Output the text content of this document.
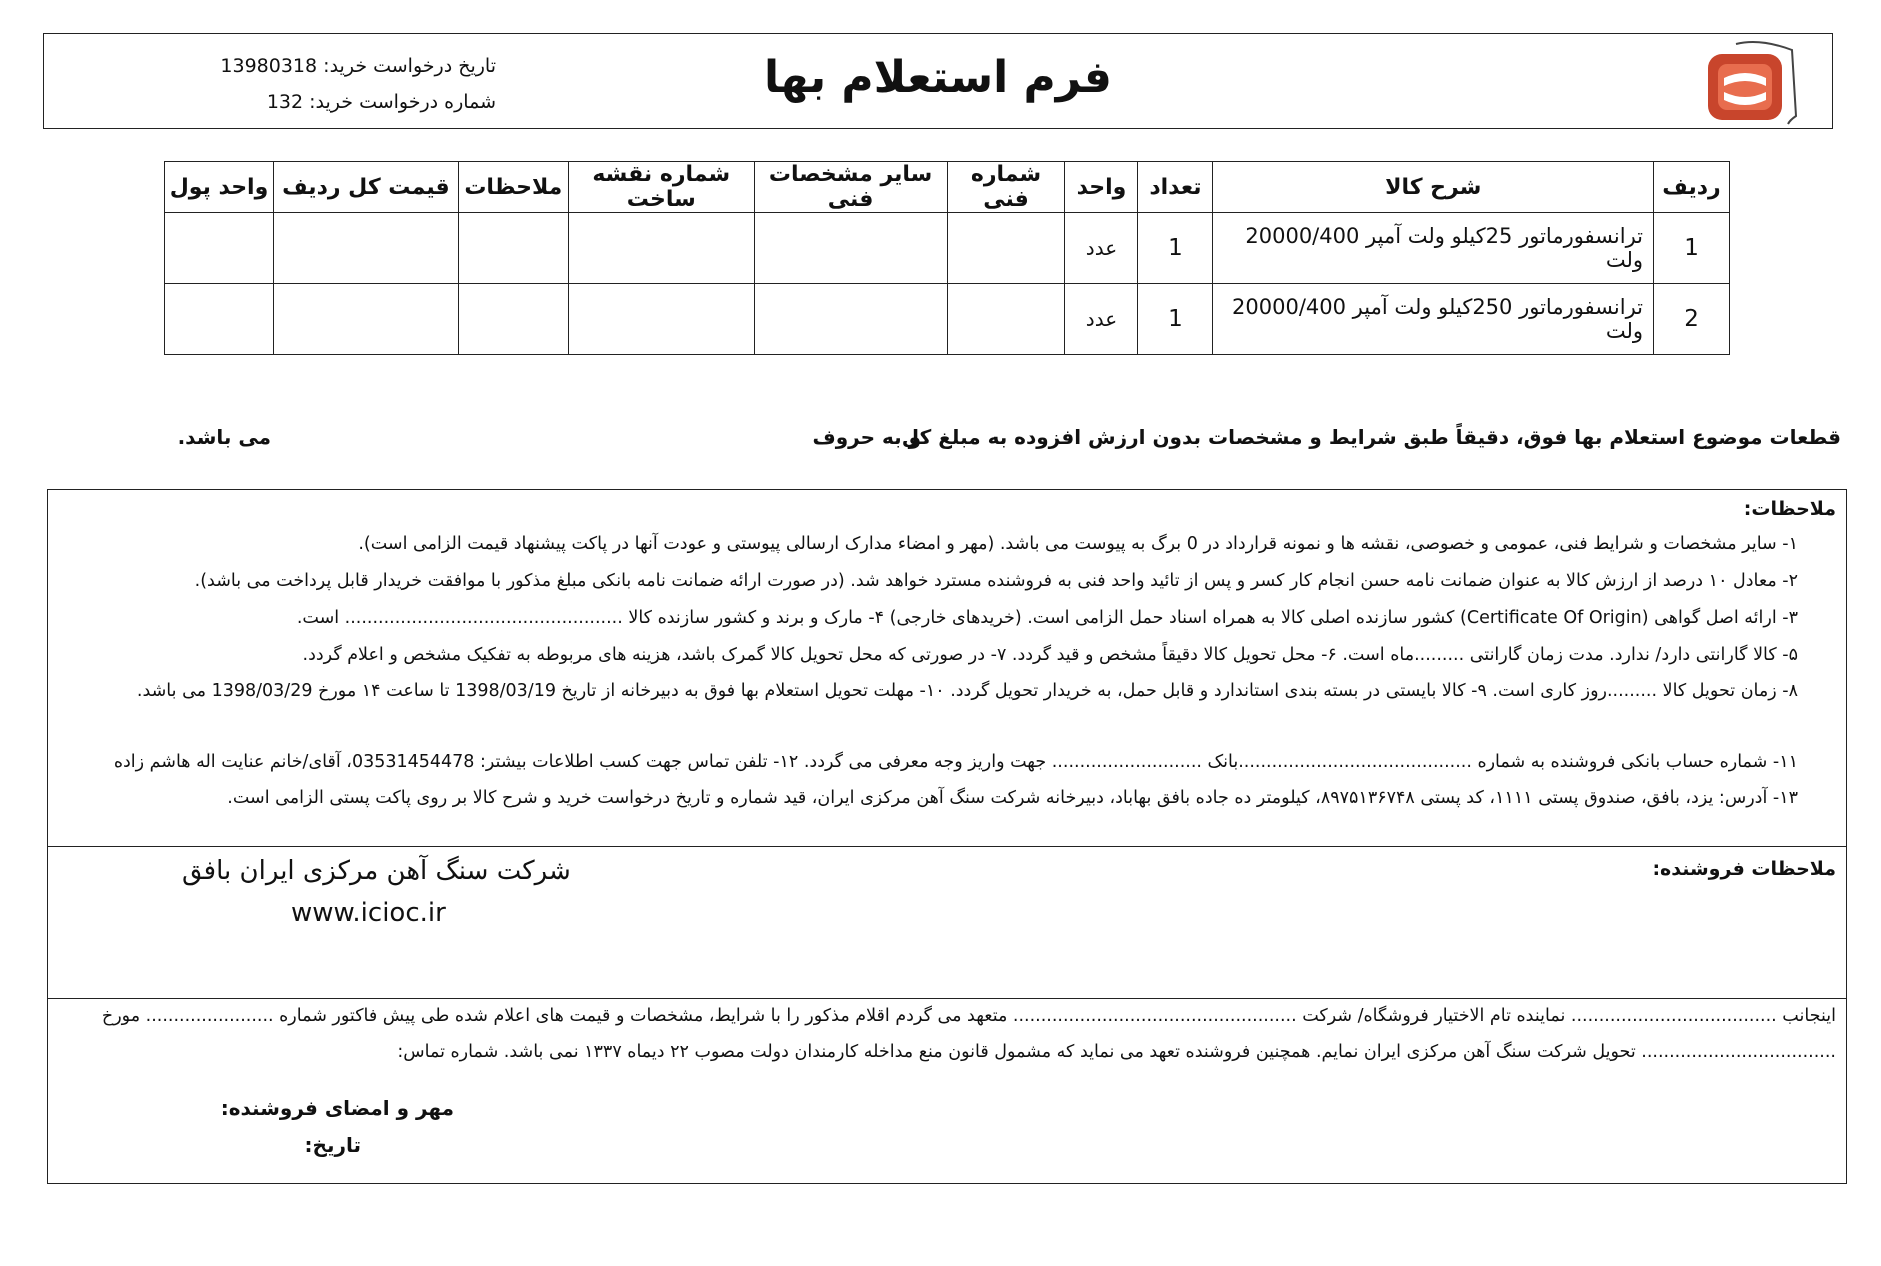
فرم استعلام بها
تاریخ درخواست خرید: 13980318
شماره درخواست خرید: 132
ردیف	شرح کالا	تعداد	واحد	شماره فنی	سایر مشخصات فنی	شماره نقشه ساخت	ملاحظات	قیمت کل ردیف	واحد پول
1	ترانسفورماتور 25کیلو ولت آمپر 20000/400 ولت	1	عدد						
2	ترانسفورماتور 250کیلو ولت آمپر 20000/400 ولت	1	عدد						
قطعات موضوع استعلام بها فوق، دقیقاً طبق شرایط و مشخصات بدون ارزش افزوده به مبلغ کل
و به حروف
می باشد.
ملاحظات:
۱- سایر مشخصات و شرایط فنی، عمومی و خصوصی، نقشه ها و نمونه قرارداد در 0 برگ به پیوست می باشد. (مهر و امضاء مدارک ارسالی پیوستی و عودت آنها در پاکت پیشنهاد قیمت الزامی است).
۲- معادل ۱۰ درصد از ارزش کالا به عنوان ضمانت نامه حسن انجام کار کسر و پس از تائید واحد فنی به فروشنده مسترد خواهد شد. (در صورت ارائه ضمانت نامه بانکی مبلغ مذکور با موافقت خریدار قابل پرداخت می باشد).
۳- ارائه اصل گواهی (Certificate Of Origin) کشور سازنده اصلی کالا به همراه اسناد حمل الزامی است. (خریدهای خارجی) ۴- مارک و برند و کشور سازنده کالا .................................................. است.
۵- کالا گارانتی دارد/ ندارد. مدت زمان گارانتی .........ماه است. ۶- محل تحویل کالا دقیقاً مشخص و قید گردد. ۷- در صورتی که محل تحویل کالا گمرک باشد، هزینه های مربوطه به تفکیک مشخص و اعلام گردد.
۸- زمان تحویل کالا .........روز کاری است. ۹- کالا بایستی در بسته بندی استاندارد و قابل حمل، به خریدار تحویل گردد. ۱۰- مهلت تحویل استعلام بها فوق به دبیرخانه از تاریخ 1398/03/19 تا ساعت ۱۴ مورخ 1398/03/29 می باشد.
۱۱- شماره حساب بانکی فروشنده به شماره ..........................................بانک ........................... جهت واریز وجه معرفی می گردد. ۱۲- تلفن تماس جهت کسب اطلاعات بیشتر: 03531454478، آقای/خانم عنایت اله هاشم زاده
۱۳- آدرس: یزد، بافق، صندوق پستی ۱۱۱۱، کد پستی ۸۹۷۵۱۳۶۷۴۸، کیلومتر ده جاده بافق بهاباد، دبیرخانه شرکت سنگ آهن مرکزی ایران، قید شماره و تاریخ درخواست خرید و شرح کالا بر روی پاکت پستی الزامی است.
ملاحظات فروشنده:
شرکت سنگ آهن مرکزی ایران بافق
www.icioc.ir
اینجانب ..................................... نماینده تام الاختیار فروشگاه/ شرکت ................................................... متعهد می گردم اقلام مذکور را با شرایط، مشخصات و قیمت های اعلام شده طی پیش فاکتور شماره ....................... مورخ
................................... تحویل شرکت سنگ آهن مرکزی ایران نمایم. همچنین فروشنده تعهد می نماید که مشمول قانون منع مداخله کارمندان دولت مصوب ۲۲ دیماه ۱۳۳۷ نمی باشد. شماره تماس:
مهر و امضای فروشنده:
تاریخ:
